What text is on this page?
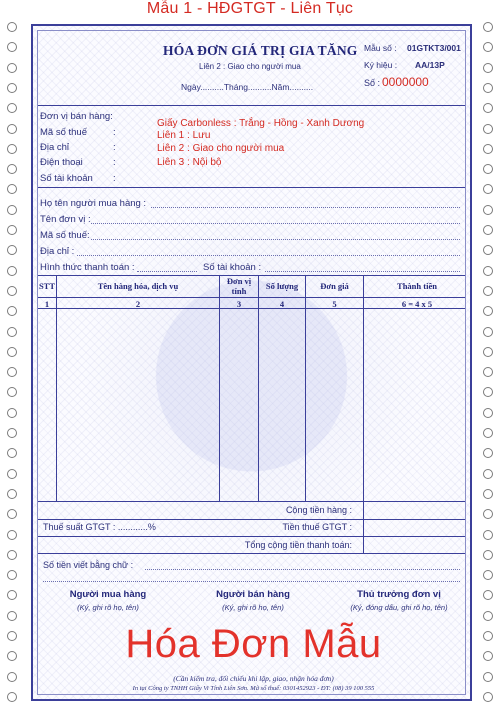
Mẫu 1 - HĐGTGT - Liên Tục
HÓA ĐƠN GIÁ TRỊ GIA TĂNG
Liên 2 : Giao cho người mua
Ngày..........Tháng..........Năm..........
Mẫu số : 01GTKT3/001
Ký hiệu : AA/13P
Số : 0000000
Đơn vị bán hàng:
Mã số thuế	:
Địa chỉ	:
Điện thoại	:
Số tài khoản :
Giấy Carbonless : Trắng - Hồng - Xanh Dương
Liên 1 : Lưu
Liên 2 : Giao cho người mua
Liên 3 : Nội bộ
Họ tên người mua hàng :
Tên đơn vị :
Mã số thuế:
Địa chỉ :
Hình thức thanh toán :	Số tài khoản :
STT	Tên hàng hóa, dịch vụ	Đơn vị tính	Số lượng	Đơn giá	Thành tiền
1	2	3	4	5	6 = 4 x 5
Cộng tiền hàng :
Thuế suất GTGT : ............%	Tiền thuế GTGT :
Tổng cộng tiền thanh toán:
Số tiền viết bằng chữ :
Người mua hàng
(Ký, ghi rõ họ, tên)
Người bán hàng
(Ký, ghi rõ họ, tên)
Thủ trưởng đơn vị
(Ký, đóng dấu, ghi rõ họ, tên)
Hóa Đơn Mẫu
(Cần kiểm tra, đối chiếu khi lập, giao, nhận hóa đơn)
In tại Công ty TNHH Giấy Vi Tính Liên Sơn. Mã số thuế: 0301452923 - ĐT: (08) 39 100 555
